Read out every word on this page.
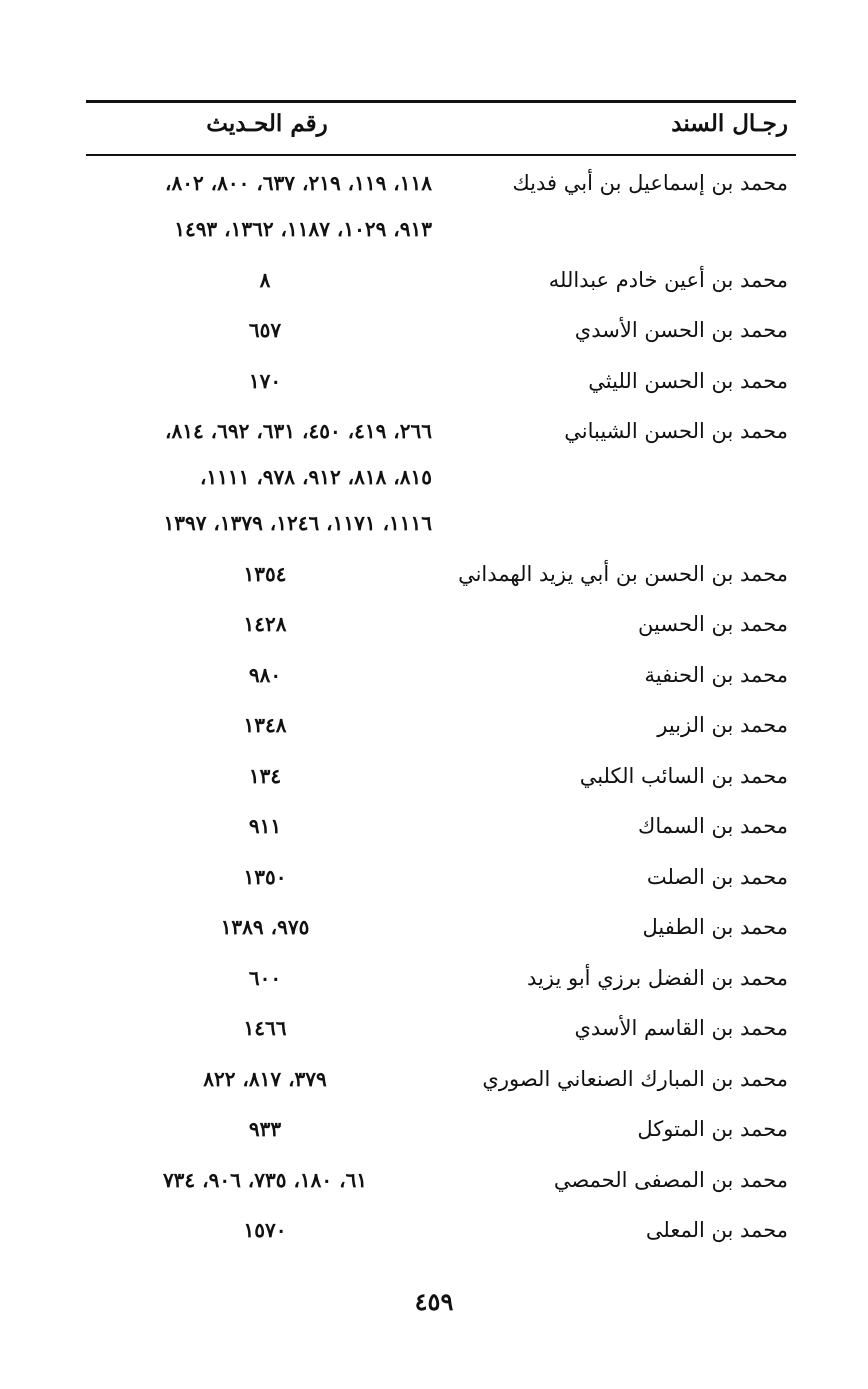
رجـال السند
رقم الحـديث
محمد بن إسماعيل بن أبي فديك
١١٨، ١١٩، ٢١٩، ٦٣٧، ٨٠٠، ٨٠٢،
٩١٣، ١٠٢٩، ١١٨٧، ١٣٦٢، ١٤٩٣
محمد بن أعين خادم عبدالله
٨
محمد بن الحسن الأسدي
٦٥٧
محمد بن الحسن الليثي
١٧٠
محمد بن الحسن الشيباني
٢٦٦، ٤١٩، ٤٥٠، ٦٣١، ٦٩٢، ٨١٤،
٨١٥، ٨١٨، ٩١٢، ٩٧٨، ١١١١،
١١١٦، ١١٧١، ١٢٤٦، ١٣٧٩، ١٣٩٧
محمد بن الحسن بن أبي يزيد الهمداني
١٣٥٤
محمد بن الحسين
١٤٢٨
محمد بن الحنفية
٩٨٠
محمد بن الزبير
١٣٤٨
محمد بن السائب الكلبي
١٣٤
محمد بن السماك
٩١١
محمد بن الصلت
١٣٥٠
محمد بن الطفيل
٩٧٥، ١٣٨٩
محمد بن الفضل برزي أبو يزيد
٦٠٠
محمد بن القاسم الأسدي
١٤٦٦
محمد بن المبارك الصنعاني الصوري
٣٧٩، ٨١٧، ٨٢٢
محمد بن المتوكل
٩٣٣
محمد بن المصفى الحمصي
٦١، ١٨٠، ٧٣٥، ٩٠٦، ٧٣٤
محمد بن المعلى
١٥٧٠
٤٥٩
